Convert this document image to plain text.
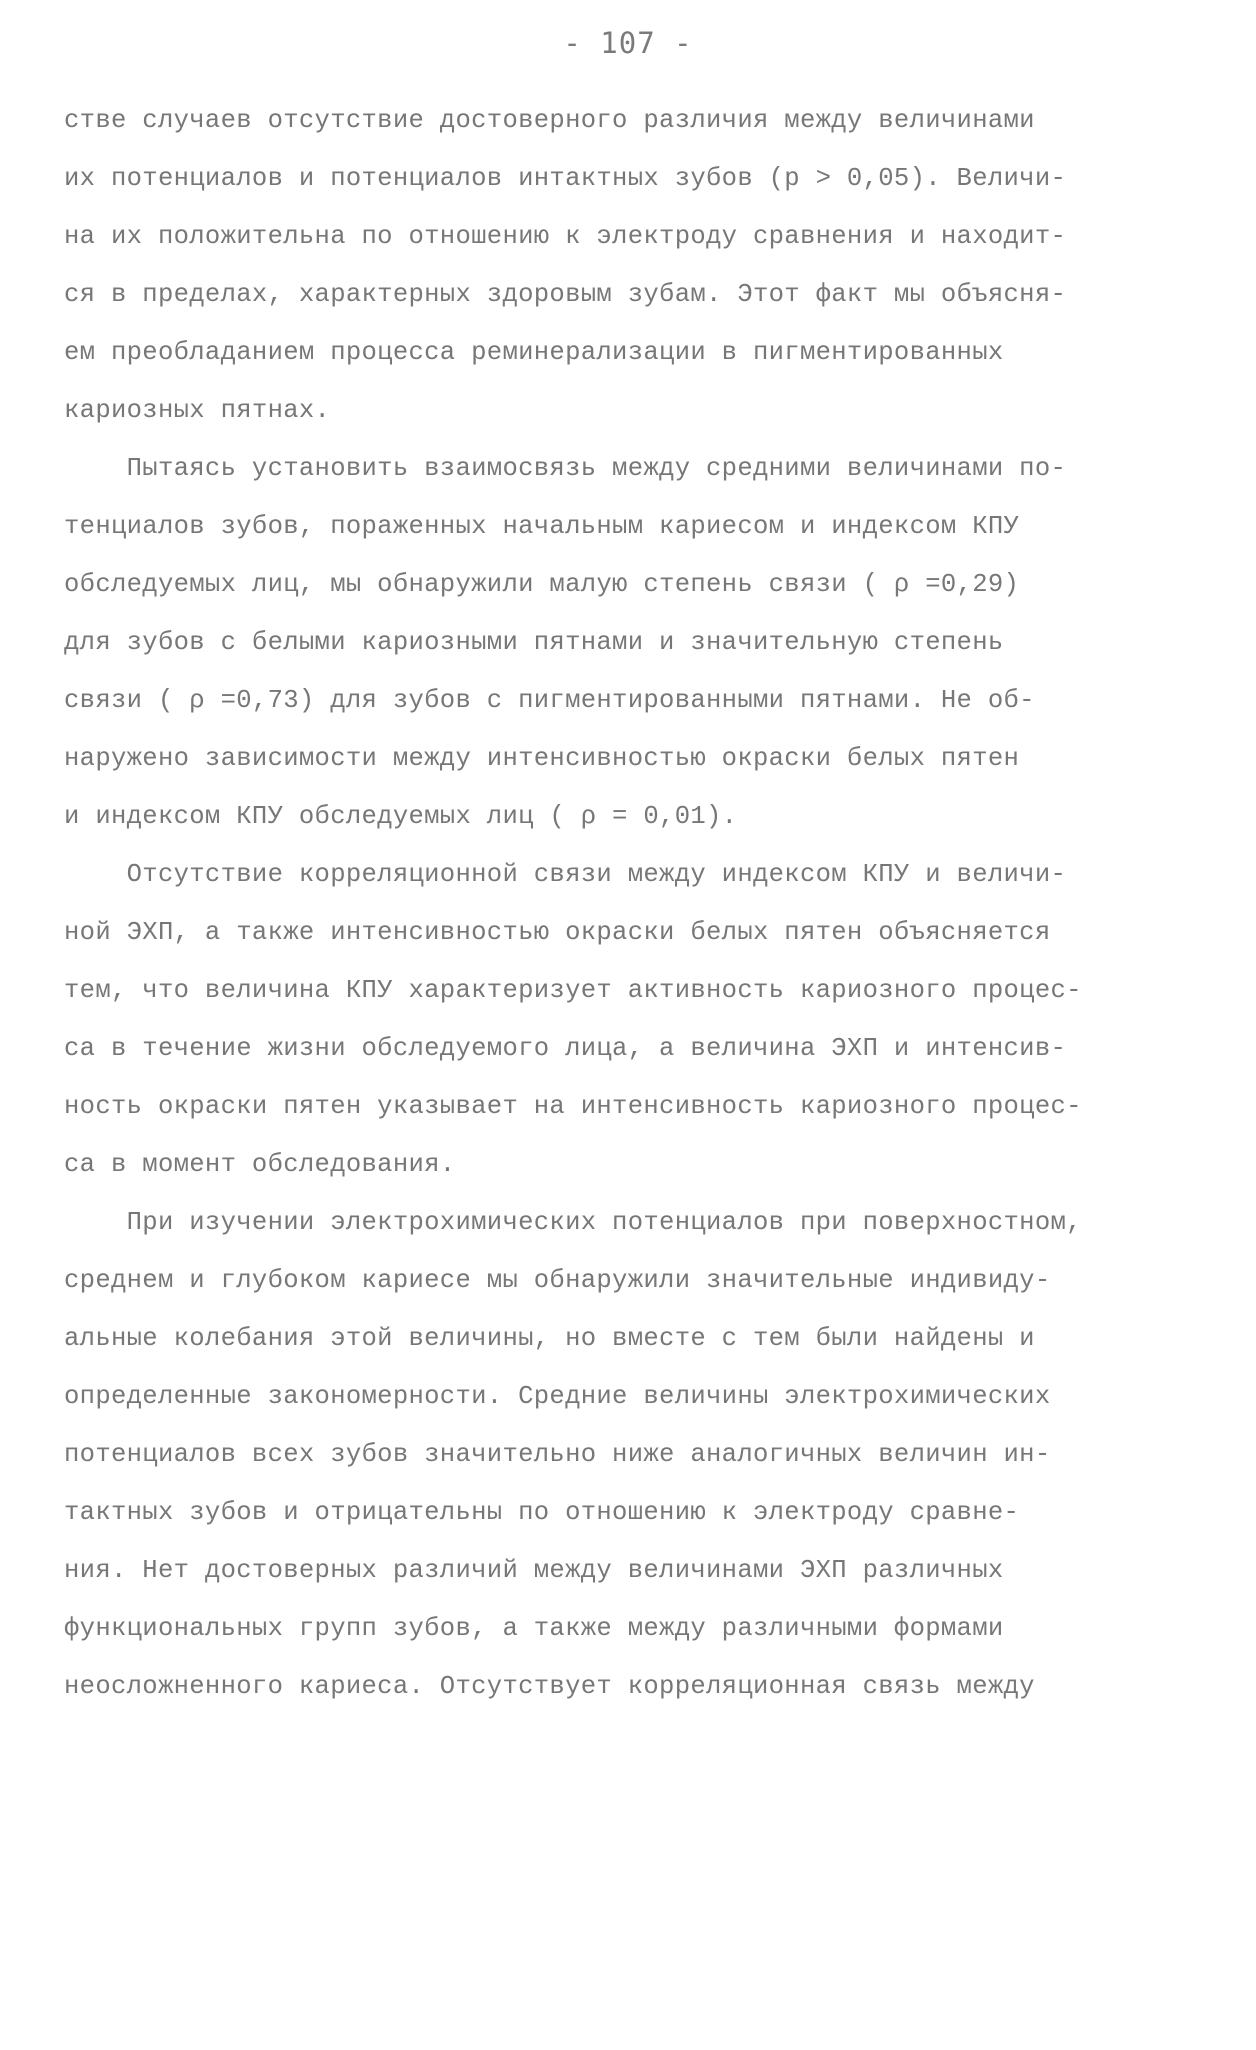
- 107 -
стве случаев отсутствие достоверного различия между величинами
их потенциалов и потенциалов интактных зубов (р > 0,05). Величи-
на их положительна по отношению к электроду сравнения и находит-
ся в пределах, характерных здоровым зубам. Этот факт мы объясня-
ем преобладанием процесса реминерализации в пигментированных
кариозных пятнах.
Пытаясь установить взаимосвязь между средними величинами по-
тенциалов зубов, пораженных начальным кариесом и индексом КПУ
обследуемых лиц, мы обнаружили малую степень связи ( ρ =0,29)
для зубов с белыми кариозными пятнами и значительную степень
связи ( ρ =0,73) для зубов с пигментированными пятнами. Не об-
наружено зависимости между интенсивностью окраски белых пятен
и индексом КПУ обследуемых лиц ( ρ = 0,01).
Отсутствие корреляционной связи между индексом КПУ и величи-
ной ЭХП, а также интенсивностью окраски белых пятен объясняется
тем, что величина КПУ характеризует активность кариозного процес-
са в течение жизни обследуемого лица, а величина ЭХП и интенсив-
ность окраски пятен указывает на интенсивность кариозного процес-
са в момент обследования.
При изучении электрохимических потенциалов при поверхностном,
среднем и глубоком кариесе мы обнаружили значительные индивиду-
альные колебания этой величины, но вместе с тем были найдены и
определенные закономерности. Средние величины электрохимических
потенциалов всех зубов значительно ниже аналогичных величин ин-
тактных зубов и отрицательны по отношению к электроду сравне-
ния. Нет достоверных различий между величинами ЭХП различных
функциональных групп зубов, а также между различными формами
неосложненного кариеса. Отсутствует корреляционная связь между
